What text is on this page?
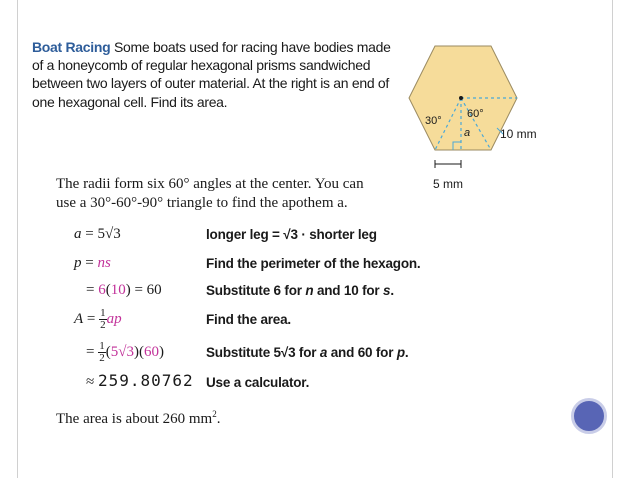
Boat Racing Some boats used for racing have bodies made of a honeycomb of regular hexagonal prisms sandwiched between two layers of outer material. At the right is an end of one hexagonal cell. Find its area.
30°
60°
a 10 mm
5 mm
The radii form six 60° angles at the center. You can
use a 30°-60°-90° triangle to find the apothem a.
a = 5√3	longer leg = √3 · shorter leg
p = ns	Find the perimeter of the hexagon.
= 6(10) = 60	Substitute 6 for n and 10 for s.
$A = \frac{1}{2}$ ap	Find the area.
= $\frac{1}{2} (5√3)(60)$	Substitute 5√3 for a and 60 for p.
≈ 259.80762 Use a calculator.
The area is about 260 $mm^2$.
